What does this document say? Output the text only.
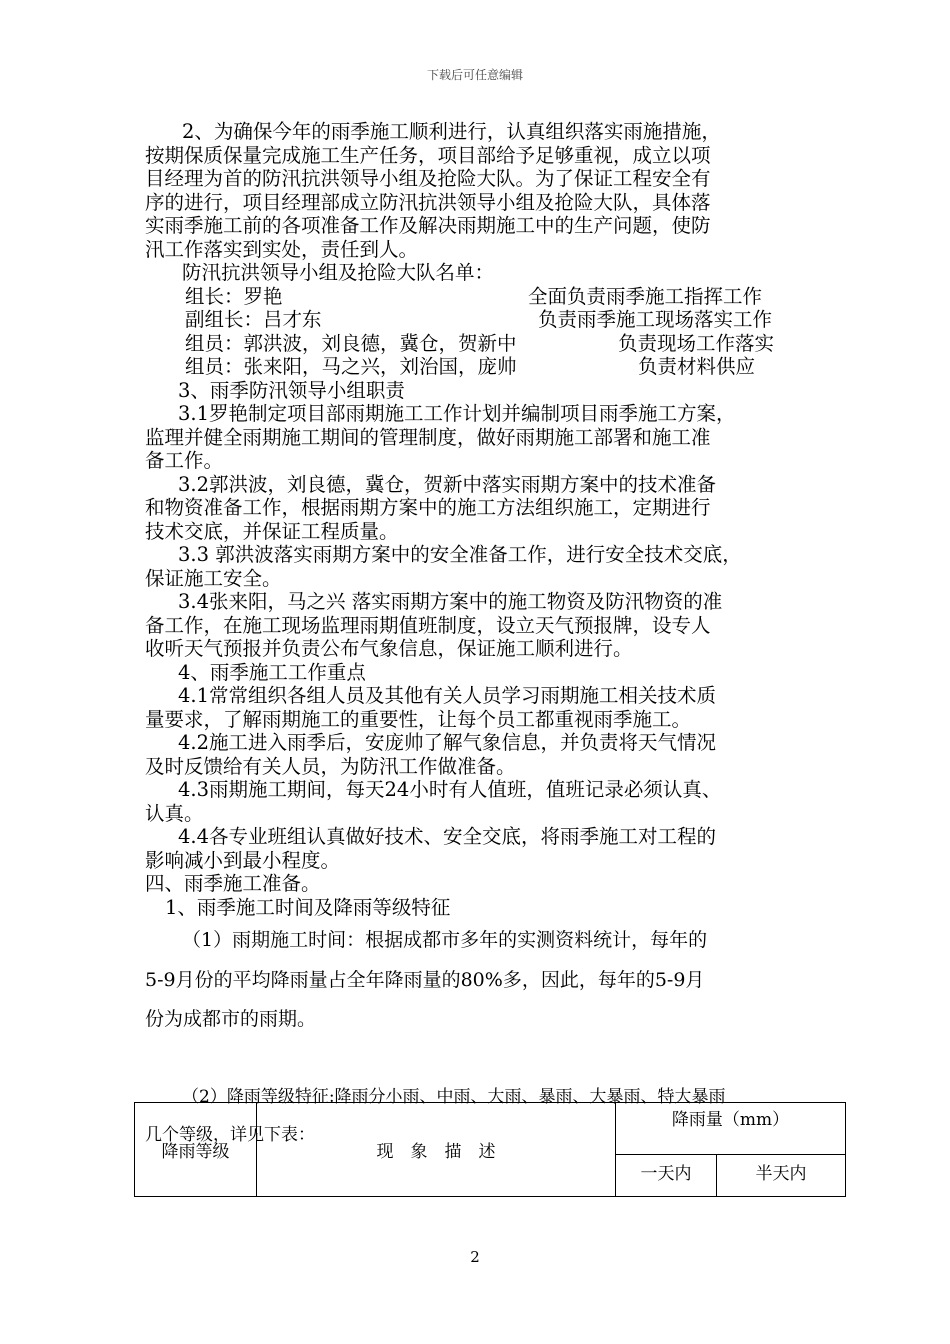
下载后可任意编辑

2、为确保今年的雨季施工顺利进行，认真组织落实雨施措施，

按期保质保量完成施工生产任务，项目部给予足够重视，成立以项

目经理为首的防汛抗洪领导小组及抢险大队。为了保证工程安全有

序的进行，项目经理部成立防汛抗洪领导小组及抢险大队，具体落

实雨季施工前的各项准备工作及解决雨期施工中的生产问题，使防

汛工作落实到实处，责任到人。

防汛抗洪领导小组及抢险大队名单：

组长：罗艳	全面负责雨季施工指挥工作
副组长：吕才东	负责雨季施工现场落实工作
组员：郭洪波，刘良德，冀仓，贺新中	负责现场工作落实
组员：张来阳，马之兴，刘治国，庞帅	负责材料供应

3、雨季防汛领导小组职责

3.1罗艳制定项目部雨期施工工作计划并编制项目雨季施工方案，

监理并健全雨期施工期间的管理制度，做好雨期施工部署和施工准

备工作。

3.2郭洪波，刘良德，冀仓，贺新中落实雨期方案中的技术准备

和物资准备工作，根据雨期方案中的施工方法组织施工，定期进行

技术交底，并保证工程质量。

3.3 郭洪波落实雨期方案中的安全准备工作，进行安全技术交底，

保证施工安全。

3.4张来阳，马之兴 落实雨期方案中的施工物资及防汛物资的准

备工作，在施工现场监理雨期值班制度，设立天气预报牌，设专人

收听天气预报并负责公布气象信息，保证施工顺利进行。

4、雨季施工工作重点

4.1常常组织各组人员及其他有关人员学习雨期施工相关技术质

量要求，了解雨期施工的重要性，让每个员工都重视雨季施工。

4.2施工进入雨季后，安庞帅了解气象信息，并负责将天气情况

及时反馈给有关人员，为防汛工作做准备。

4.3雨期施工期间，每天24小时有人值班，值班记录必须认真、

认真。

4.4各专业班组认真做好技术、安全交底，将雨季施工对工程的

影响减小到最小程度。

四、雨季施工准备。

1、雨季施工时间及降雨等级特征

（1）雨期施工时间：根据成都市多年的实测资料统计，每年的

5-9月份的平均降雨量占全年降雨量的80%多，因此，每年的5-9月

份为成都市的雨期。

（2）降雨等级特征:降雨分小雨、中雨、大雨、暴雨、大暴雨、特大暴雨

几个等级，详见下表：

降雨等级	现　象　描　述	降雨量（mm）	
		一天内	半天内
2
